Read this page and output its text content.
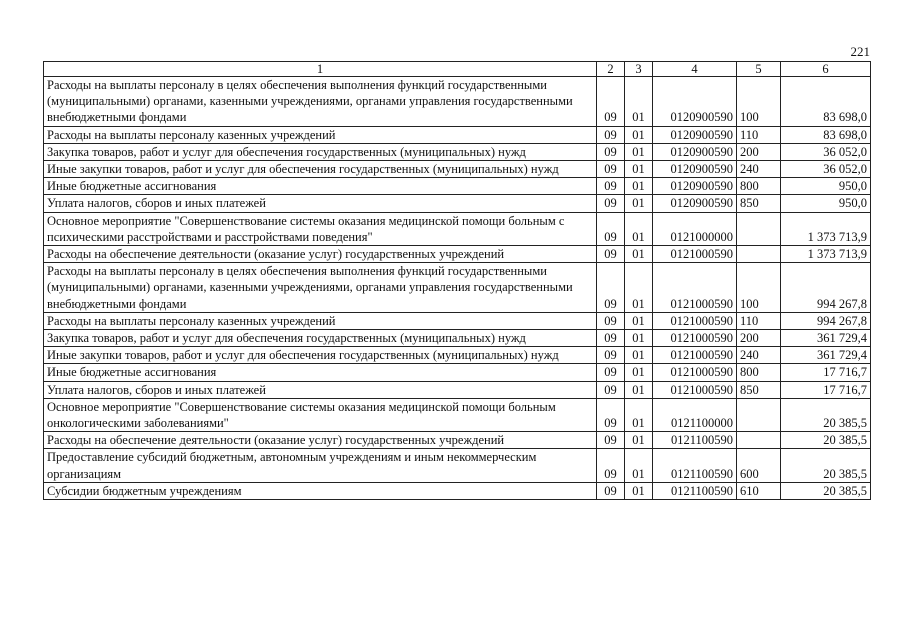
221
1	2	3	4	5	6
Расходы на выплаты персоналу в целях обеспечения выполнения функций государственными (муниципальными) органами, казенными учреждениями, органами управления государственными внебюджетными фондами	09	01	0120900590	100	83 698,0
Расходы на выплаты персоналу казенных учреждений	09	01	0120900590	110	83 698,0
Закупка товаров, работ и услуг для обеспечения государственных (муниципальных) нужд	09	01	0120900590	200	36 052,0
Иные закупки товаров, работ и услуг для обеспечения государственных (муниципальных) нужд	09	01	0120900590	240	36 052,0
Иные бюджетные ассигнования	09	01	0120900590	800	950,0
Уплата налогов, сборов и иных платежей	09	01	0120900590	850	950,0
Основное мероприятие "Совершенствование системы оказания медицинской помощи больным с психическими расстройствами и расстройствами поведения"	09	01	0121000000		1 373 713,9
Расходы на обеспечение деятельности (оказание услуг) государственных учреждений	09	01	0121000590		1 373 713,9
Расходы на выплаты персоналу в целях обеспечения выполнения функций государственными (муниципальными) органами, казенными учреждениями, органами управления государственными внебюджетными фондами	09	01	0121000590	100	994 267,8
Расходы на выплаты персоналу казенных учреждений	09	01	0121000590	110	994 267,8
Закупка товаров, работ и услуг для обеспечения государственных (муниципальных) нужд	09	01	0121000590	200	361 729,4
Иные закупки товаров, работ и услуг для обеспечения государственных (муниципальных) нужд	09	01	0121000590	240	361 729,4
Иные бюджетные ассигнования	09	01	0121000590	800	17 716,7
Уплата налогов, сборов и иных платежей	09	01	0121000590	850	17 716,7
Основное мероприятие "Совершенствование системы оказания медицинской помощи больным онкологическими заболеваниями"	09	01	0121100000		20 385,5
Расходы на обеспечение деятельности (оказание услуг) государственных учреждений	09	01	0121100590		20 385,5
Предоставление субсидий бюджетным, автономным учреждениям и иным некоммерческим организациям	09	01	0121100590	600	20 385,5
Субсидии бюджетным учреждениям	09	01	0121100590	610	20 385,5
